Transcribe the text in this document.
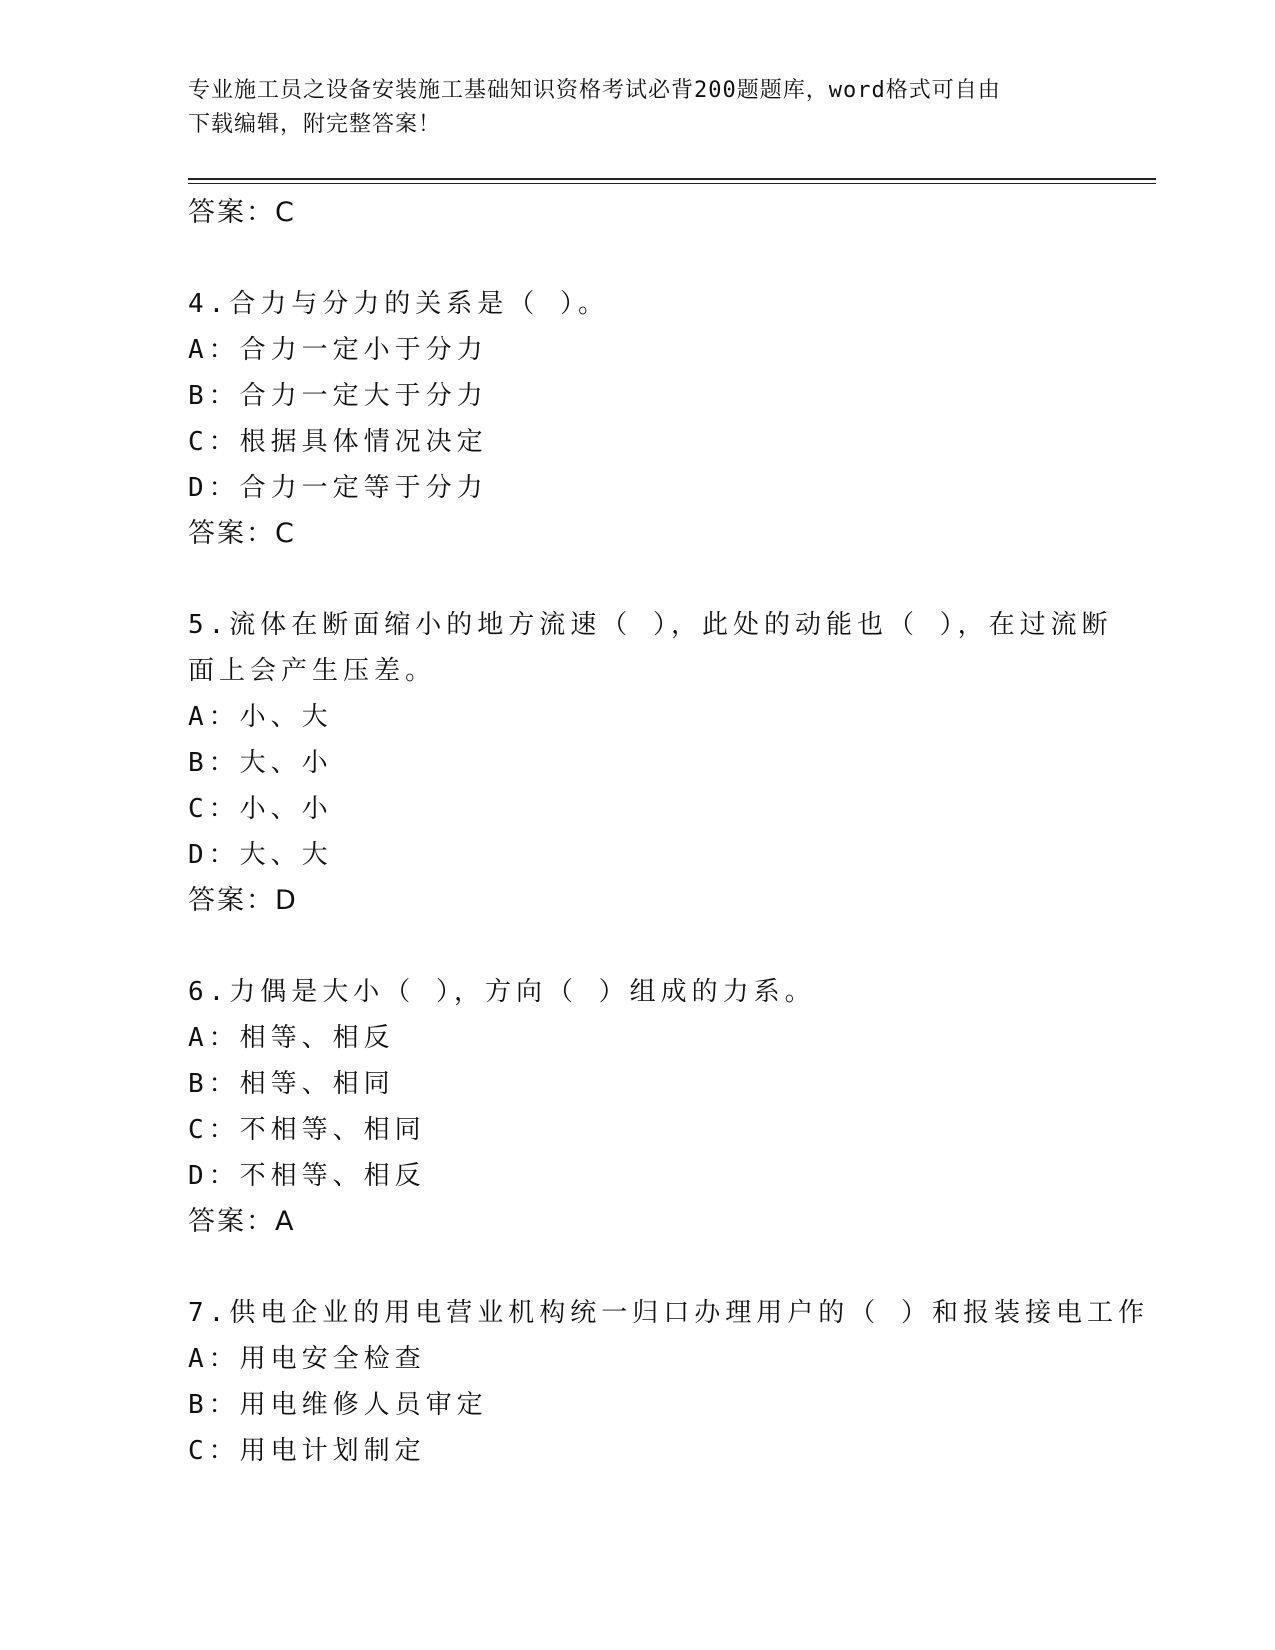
专业施工员之设备安装施工基础知识资格考试必背200题题库，word格式可自由
下载编辑，附完整答案！
答案：C
4.合力与分力的关系是（ ）。
A：合力一定小于分力
B：合力一定大于分力
C：根据具体情况决定
D：合力一定等于分力
答案：C
5.流体在断面缩小的地方流速（ ），此处的动能也（ ），在过流断
面上会产生压差。
A：小、大
B：大、小
C：小、小
D：大、大
答案：D
6.力偶是大小（ ），方向（ ）组成的力系。
A：相等、相反
B：相等、相同
C：不相等、相同
D：不相等、相反
答案：A
7.供电企业的用电营业机构统一归口办理用户的（ ）和报装接电工作
A：用电安全检查
B：用电维修人员审定
C：用电计划制定
